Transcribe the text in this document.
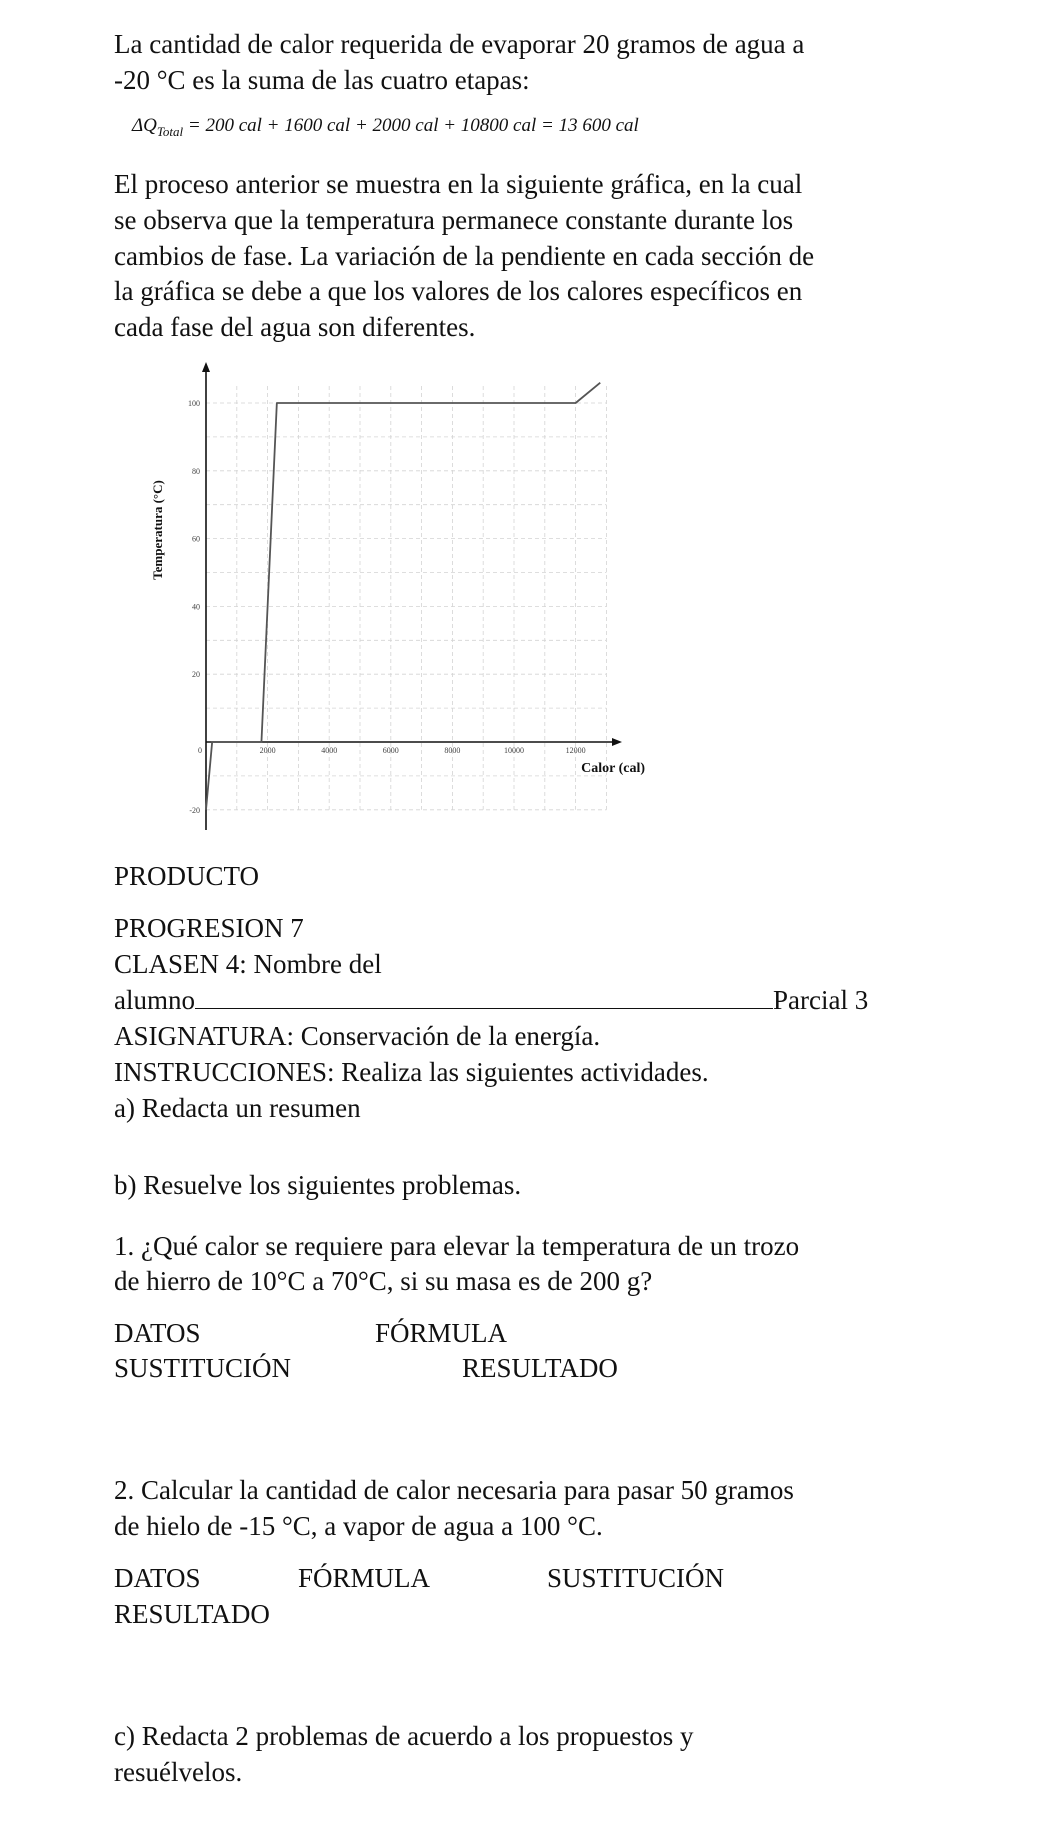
La cantidad de calor requerida de evaporar 20 gramos de agua a

-20 °C es la suma de las cuatro etapas:

$\Delta Q_{Total} = 200$ cal + 1600 cal + 2000 cal + 10800 cal = 13 600 cal

El proceso anterior se muestra en la siguiente gráfica, en la cual

se observa que la temperatura permanece constante durante los

cambios de fase. La variación de la pendiente en cada sección de

la gráfica se debe a que los valores de los calores específicos en

cada fase del agua son diferentes.

0	2000	4000	6000	8000	10000	12000
-20
20
40
60
80
100
Calor (cal)
Temperatura (°C)

PRODUCTO

PROGRESION 7

CLASEN 4: Nombre del

alumno	Parcial 3

ASIGNATURA: Conservación de la energía.

INSTRUCCIONES: Realiza las siguientes actividades.

a) Redacta un resumen

b) Resuelve los siguientes problemas.

1. ¿Qué calor se requiere para elevar la temperatura de un trozo

de hierro de 10°C a 70°C, si su masa es de 200 g?

DATOS	FÓRMULA
SUSTITUCIÓN	RESULTADO

2. Calcular la cantidad de calor necesaria para pasar 50 gramos

de hielo de -15 °C, a vapor de agua a 100 °C.

DATOS	FÓRMULA	SUSTITUCIÓN
RESULTADO

c) Redacta 2 problemas de acuerdo a los propuestos y

resuélvelos.
